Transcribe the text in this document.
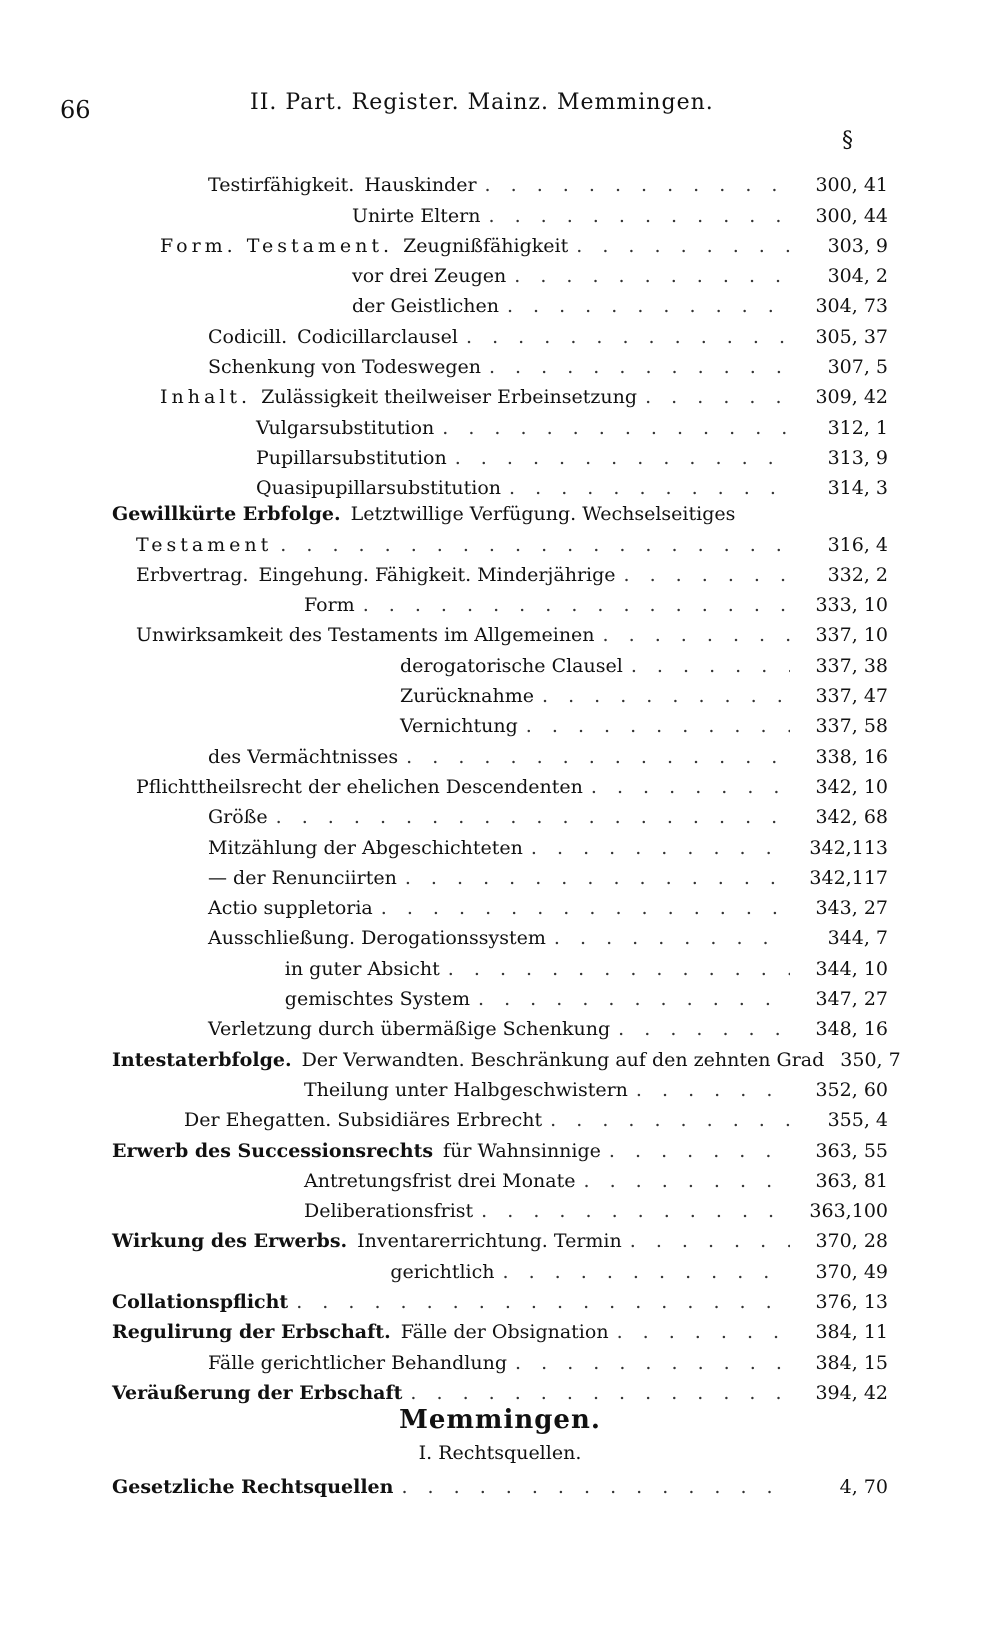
66	II. Part. Register. Mainz. Memmingen.
§
Testirfähigkeit. Hauskinder . . .	300, 41
Unirte Eltern . . .	300, 44
Form. Testament. Zeugnißfähigkeit . . .	303, 9
vor drei Zeugen . . .	304, 2
der Geistlichen . . .	304, 73
Codicill. Codicillarclausel . . .	305, 37
Schenkung von Todeswegen . . .	307, 5
Inhalt. Zulässigkeit theilweiser Erbeinsetzung . . .	309, 42
Vulgarsubstitution . . .	312, 1
Pupillarsubstitution . . .	313, 9
Quasipupillarsubstitution . . .	314, 3
Gewillkürte Erbfolge. Letztwillige Verfügung. Wechselseitiges
Testament . . .	316, 4
Erbvertrag. Eingehung. Fähigkeit. Minderjährige . . .	332, 2
Form . . .	333, 10
Unwirksamkeit des Testaments im Allgemeinen . . .	337, 10
derogatorische Clausel . . .	337, 38
Zurücknahme . . .	337, 47
Vernichtung . . .	337, 58
des Vermächtnisses . . .	338, 16
Pflichttheilsrecht der ehelichen Descendenten . . .	342, 10
Größe . . .	342, 68
Mitzählung der Abgeschichteten . . .	342,113
— der Renunciirten . . .	342,117
Actio suppletoria . . .	343, 27
Ausschließung. Derogationssystem . . .	344, 7
in guter Absicht . . .	344, 10
gemischtes System . . .	347, 27
Verletzung durch übermäßige Schenkung . . .	348, 16
Intestaterbfolge. Der Verwandten. Beschränkung auf den zehnten Grad 350, 7
Theilung unter Halbgeschwistern . . .	352, 60
Der Ehegatten. Subsidiäres Erbrecht . . .	355, 4
Erwerb des Successionsrechts für Wahnsinnige . . .	363, 55
Antretungsfrist drei Monate . . .	363, 81
Deliberationsfrist . . .	363,100
Wirkung des Erwerbs. Inventarerrichtung. Termin . . .	370, 28
gerichtlich . . .	370, 49
Collationspflicht . . .	376, 13
Regulirung der Erbschaft. Fälle der Obsignation . . .	384, 11
Fälle gerichtlicher Behandlung . . .	384, 15
Veräußerung der Erbschaft . . .	394, 42
Memmingen.
I. Rechtsquellen.
Gesetzliche Rechtsquellen . . .	4, 70
